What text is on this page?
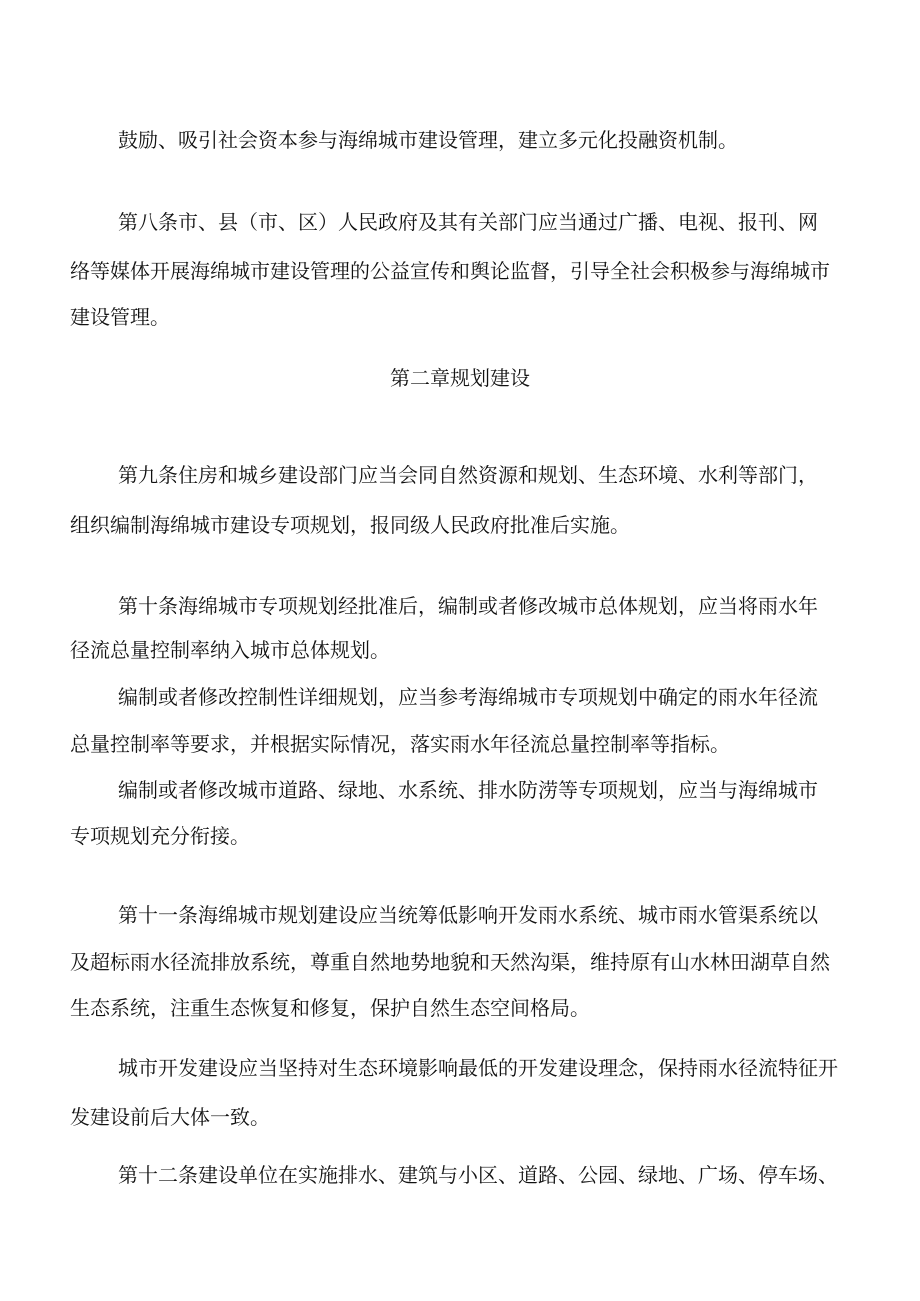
鼓励、吸引社会资本参与海绵城市建设管理，建立多元化投融资机制。
第八条市、县（市、区）人民政府及其有关部门应当通过广播、电视、报刊、网
络等媒体开展海绵城市建设管理的公益宣传和舆论监督，引导全社会积极参与海绵城市
建设管理。
第二章规划建设
第九条住房和城乡建设部门应当会同自然资源和规划、生态环境、水利等部门，
组织编制海绵城市建设专项规划，报同级人民政府批准后实施。
第十条海绵城市专项规划经批准后，编制或者修改城市总体规划，应当将雨水年
径流总量控制率纳入城市总体规划。
编制或者修改控制性详细规划，应当参考海绵城市专项规划中确定的雨水年径流
总量控制率等要求，并根据实际情况，落实雨水年径流总量控制率等指标。
编制或者修改城市道路、绿地、水系统、排水防涝等专项规划，应当与海绵城市
专项规划充分衔接。
第十一条海绵城市规划建设应当统筹低影响开发雨水系统、城市雨水管渠系统以
及超标雨水径流排放系统，尊重自然地势地貌和天然沟渠，维持原有山水林田湖草自然
生态系统，注重生态恢复和修复，保护自然生态空间格局。
城市开发建设应当坚持对生态环境影响最低的开发建设理念，保持雨水径流特征开
发建设前后大体一致。
第十二条建设单位在实施排水、建筑与小区、道路、公园、绿地、广场、停车场、
